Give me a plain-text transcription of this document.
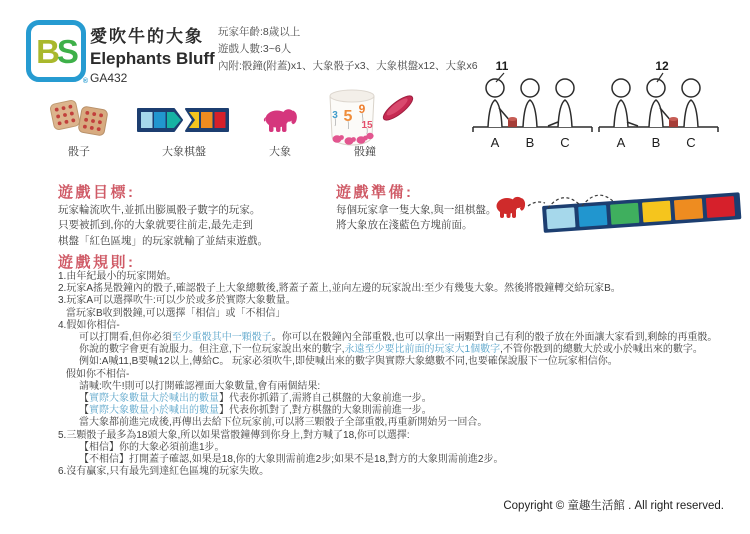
B S
®
愛吹牛的大象
Elephants Bluff
GA432
玩家年齡:8歲以上
遊戲人數:3~6人
內附:骰鐘(附蓋)x1、大象骰子x3、大象棋盤x12、大象x6 11
A B C
12
A B C
3 5 9
15
骰子	大象棋盤	大象	骰鐘
遊戲目標:
玩家輪流吹牛,並抓出膨風骰子數字的玩家。
只要被抓到,你的大象就要往前走,最先走到
棋盤「紅色區塊」的玩家就輸了並結束遊戲。
遊戲準備:
每個玩家拿一隻大象,與一組棋盤。
將大象放在淺藍色方塊前面。
遊戲規則:
1.由年紀最小的玩家開始。
2.玩家A搖晃骰鐘內的骰子,確認骰子上大象總數後,將蓋子蓋上,並向左邊的玩家說出:至少有幾隻大象。然後將骰鐘轉交給玩家B。
3.玩家A可以選擇吹牛:可以少於或多於實際大象數量。
當玩家B收到骰鐘,可以選擇「相信」或「不相信」
4.假如你相信-
可以打開看,但你必須至少重骰其中一顆骰子。你可以在骰鐘內全部重骰,也可以拿出一兩顆對自己有利的骰子放在外面讓大家看到,剩餘的再重骰。
你說的數字會更有說服力。但注意,下一位玩家說出來的數字,永遠至少要比前面的玩家大1個數字,不管你骰到的總數大於或小於喊出來的數字。
例如:A喊11,B要喊12以上,傳給C。 玩家必須吹牛,即使喊出來的數字與實際大象總數不同,也要確保說服下一位玩家相信你。
假如你不相信-
請喊:吹牛!則可以打開確認裡面大象數量,會有兩個結果:
【實際大象數量大於喊出的數量】代表你抓錯了,需將自己棋盤的大象前進一步。
【實際大象數量小於喊出的數量】代表你抓對了,對方棋盤的大象則需前進一步。
當大象都前進完成後,再傳出去給下位玩家前,可以將三顆骰子全部重骰,再重新開始另一回合。
5.三顆骰子最多為18頭大象,所以如果當骰鐘傳到你身上,對方喊了18,你可以選擇:
【相信】你的大象必須前進1步。
【不相信】打開蓋子確認,如果是18,你的大象則需前進2步;如果不是18,對方的大象則需前進2步。
6.沒有贏家,只有最先到達紅色區塊的玩家失敗。
Copyright © 童趣生活館 . All right reserved.
